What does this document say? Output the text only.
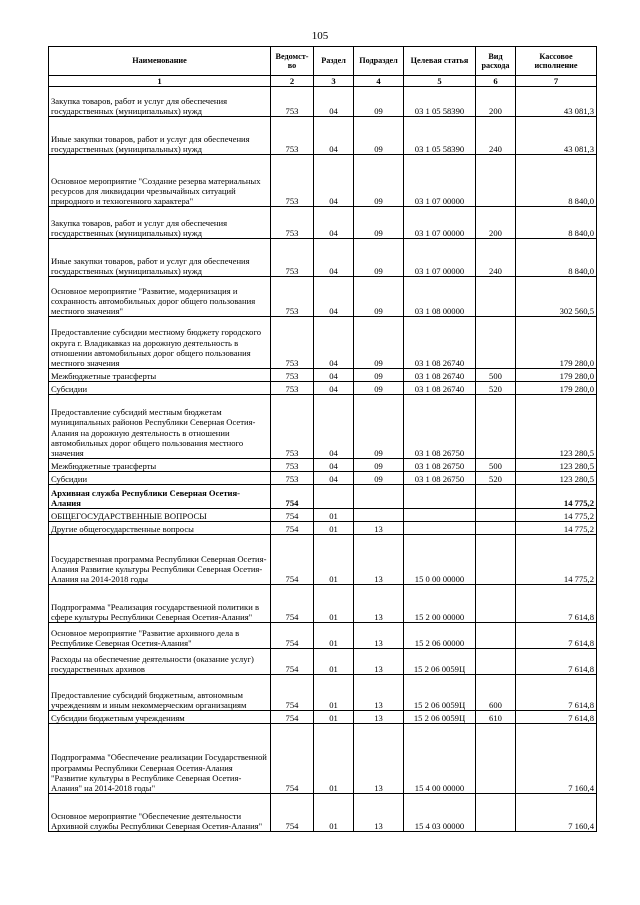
105
Наименование	Ведомст-во	Раздел	Подраздел	Целевая статья	Вид расхода	Кассовое исполнение
1	2	3	4	5	6	7
Закупка товаров, работ и услуг для обеспечения государственных (муниципальных) нужд	753	04	09	03 1 05 58390	200	43 081,3
Иные закупки товаров, работ и услуг для обеспечения государственных (муниципальных) нужд	753	04	09	03 1 05 58390	240	43 081,3
Основное мероприятие "Создание резерва материальных ресурсов для ликвидации чрезвычайных ситуаций природного и техногенного характера"	753	04	09	03 1 07 00000		8 840,0
Закупка товаров, работ и услуг для обеспечения государственных (муниципальных) нужд	753	04	09	03 1 07 00000	200	8 840,0
Иные закупки товаров, работ и услуг для обеспечения государственных (муниципальных) нужд	753	04	09	03 1 07 00000	240	8 840,0
Основное мероприятие "Развитие, модернизация и сохранность автомобильных дорог общего пользования местного значения"	753	04	09	03 1 08 00000		302 560,5
Предоставление субсидии местному бюджету городского округа г. Владикавказ на дорожную деятельность в отношении автомобильных дорог общего пользования местного значения	753	04	09	03 1 08 26740		179 280,0
Межбюджетные трансферты	753	04	09	03 1 08 26740	500	179 280,0
Субсидии	753	04	09	03 1 08 26740	520	179 280,0
Предоставление субсидий местным бюджетам муниципальных районов Республики Северная Осетия-Алания на дорожную деятельность в отношении автомобильных дорог общего пользования местного значения	753	04	09	03 1 08 26750		123 280,5
Межбюджетные трансферты	753	04	09	03 1 08 26750	500	123 280,5
Субсидии	753	04	09	03 1 08 26750	520	123 280,5
Архивная служба Республики Северная Осетия-Алания	754					14 775,2
ОБЩЕГОСУДАРСТВЕННЫЕ ВОПРОСЫ	754	01				14 775,2
Другие общегосударственные вопросы	754	01	13			14 775,2
Государственная программа Республики Северная Осетия-Алания Развитие культуры Республики Северная Осетия-Алания на 2014-2018 годы	754	01	13	15 0 00 00000		14 775,2
Подпрограмма "Реализация государственной политики в сфере культуры Республики Северная Осетия-Алания"	754	01	13	15 2 00 00000		7 614,8
Основное мероприятие "Развитие архивного дела в Республике Северная Осетия-Алания"	754	01	13	15 2 06 00000		7 614,8
Расходы на обеспечение деятельности (оказание услуг) государственных архивов	754	01	13	15 2 06 0059Ц		7 614,8
Предоставление субсидий бюджетным, автономным учреждениям и иным некоммерческим организациям	754	01	13	15 2 06 0059Ц	600	7 614,8
Субсидии бюджетным учреждениям	754	01	13	15 2 06 0059Ц	610	7 614,8
Подпрограмма "Обеспечение реализации Государственной программы Республики Северная Осетия-Алания "Развитие культуры в Республике Северная Осетия-Алания" на 2014-2018 годы"	754	01	13	15 4 00 00000		7 160,4
Основное мероприятие "Обеспечение деятельности Архивной службы Республики Северная Осетия-Алания"	754	01	13	15 4 03 00000		7 160,4
